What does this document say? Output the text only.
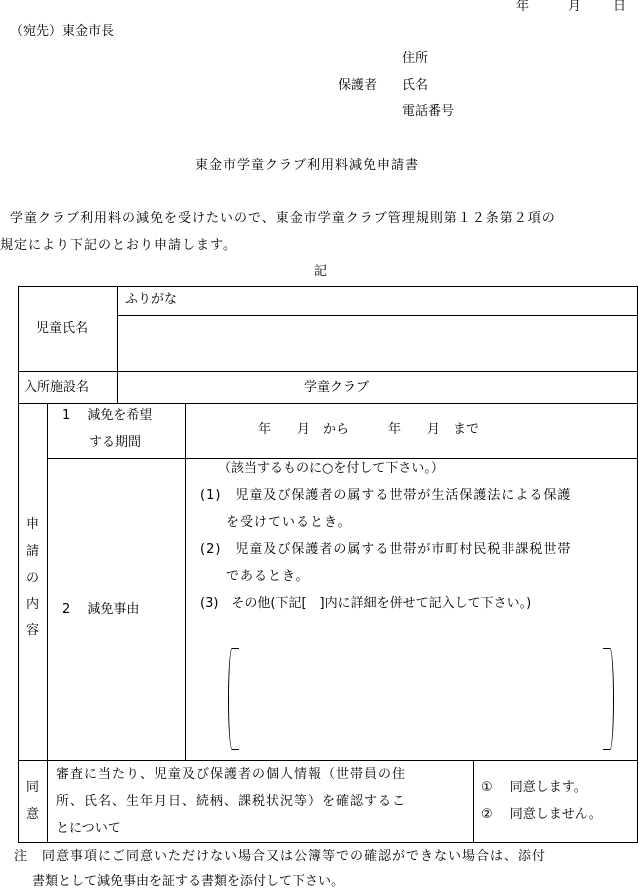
年	月 日
（宛先）東金市長
住所
保護者 氏名
電話番号
東金市学童クラブ利用料減免申請書
学童クラブ利用料の減免を受けたいので、東金市学童クラブ管理規則第１２条第２項の
規定により下記のとおり申請します。
記
ふりがな
児童氏名
入所施設名	学童クラブ
申
請
の
内
容
1　 減免を希望
する期間
年　　月　から　　　年　　月　まで
2　 減免事由
（該当するものに○を付して下さい。）
(1)　児童及び保護者の属する世帯が生活保護法による保護
を受けているとき。
(2)　児童及び保護者の属する世帯が市町村民税非課税世帯
であるとき。
(3)　その他(下記[　]内に詳細を併せて記入して下さい。)
同
意
審査に当たり、児童及び保護者の個人情報（世帯員の住
所、氏名、生年月日、続柄、課税状況等）を確認するこ
とについて
①　 同意します。
②　 同意しません。
注　同意事項にご同意いただけない場合又は公簿等での確認ができない場合は、添付
書類として減免事由を証する書類を添付して下さい。
